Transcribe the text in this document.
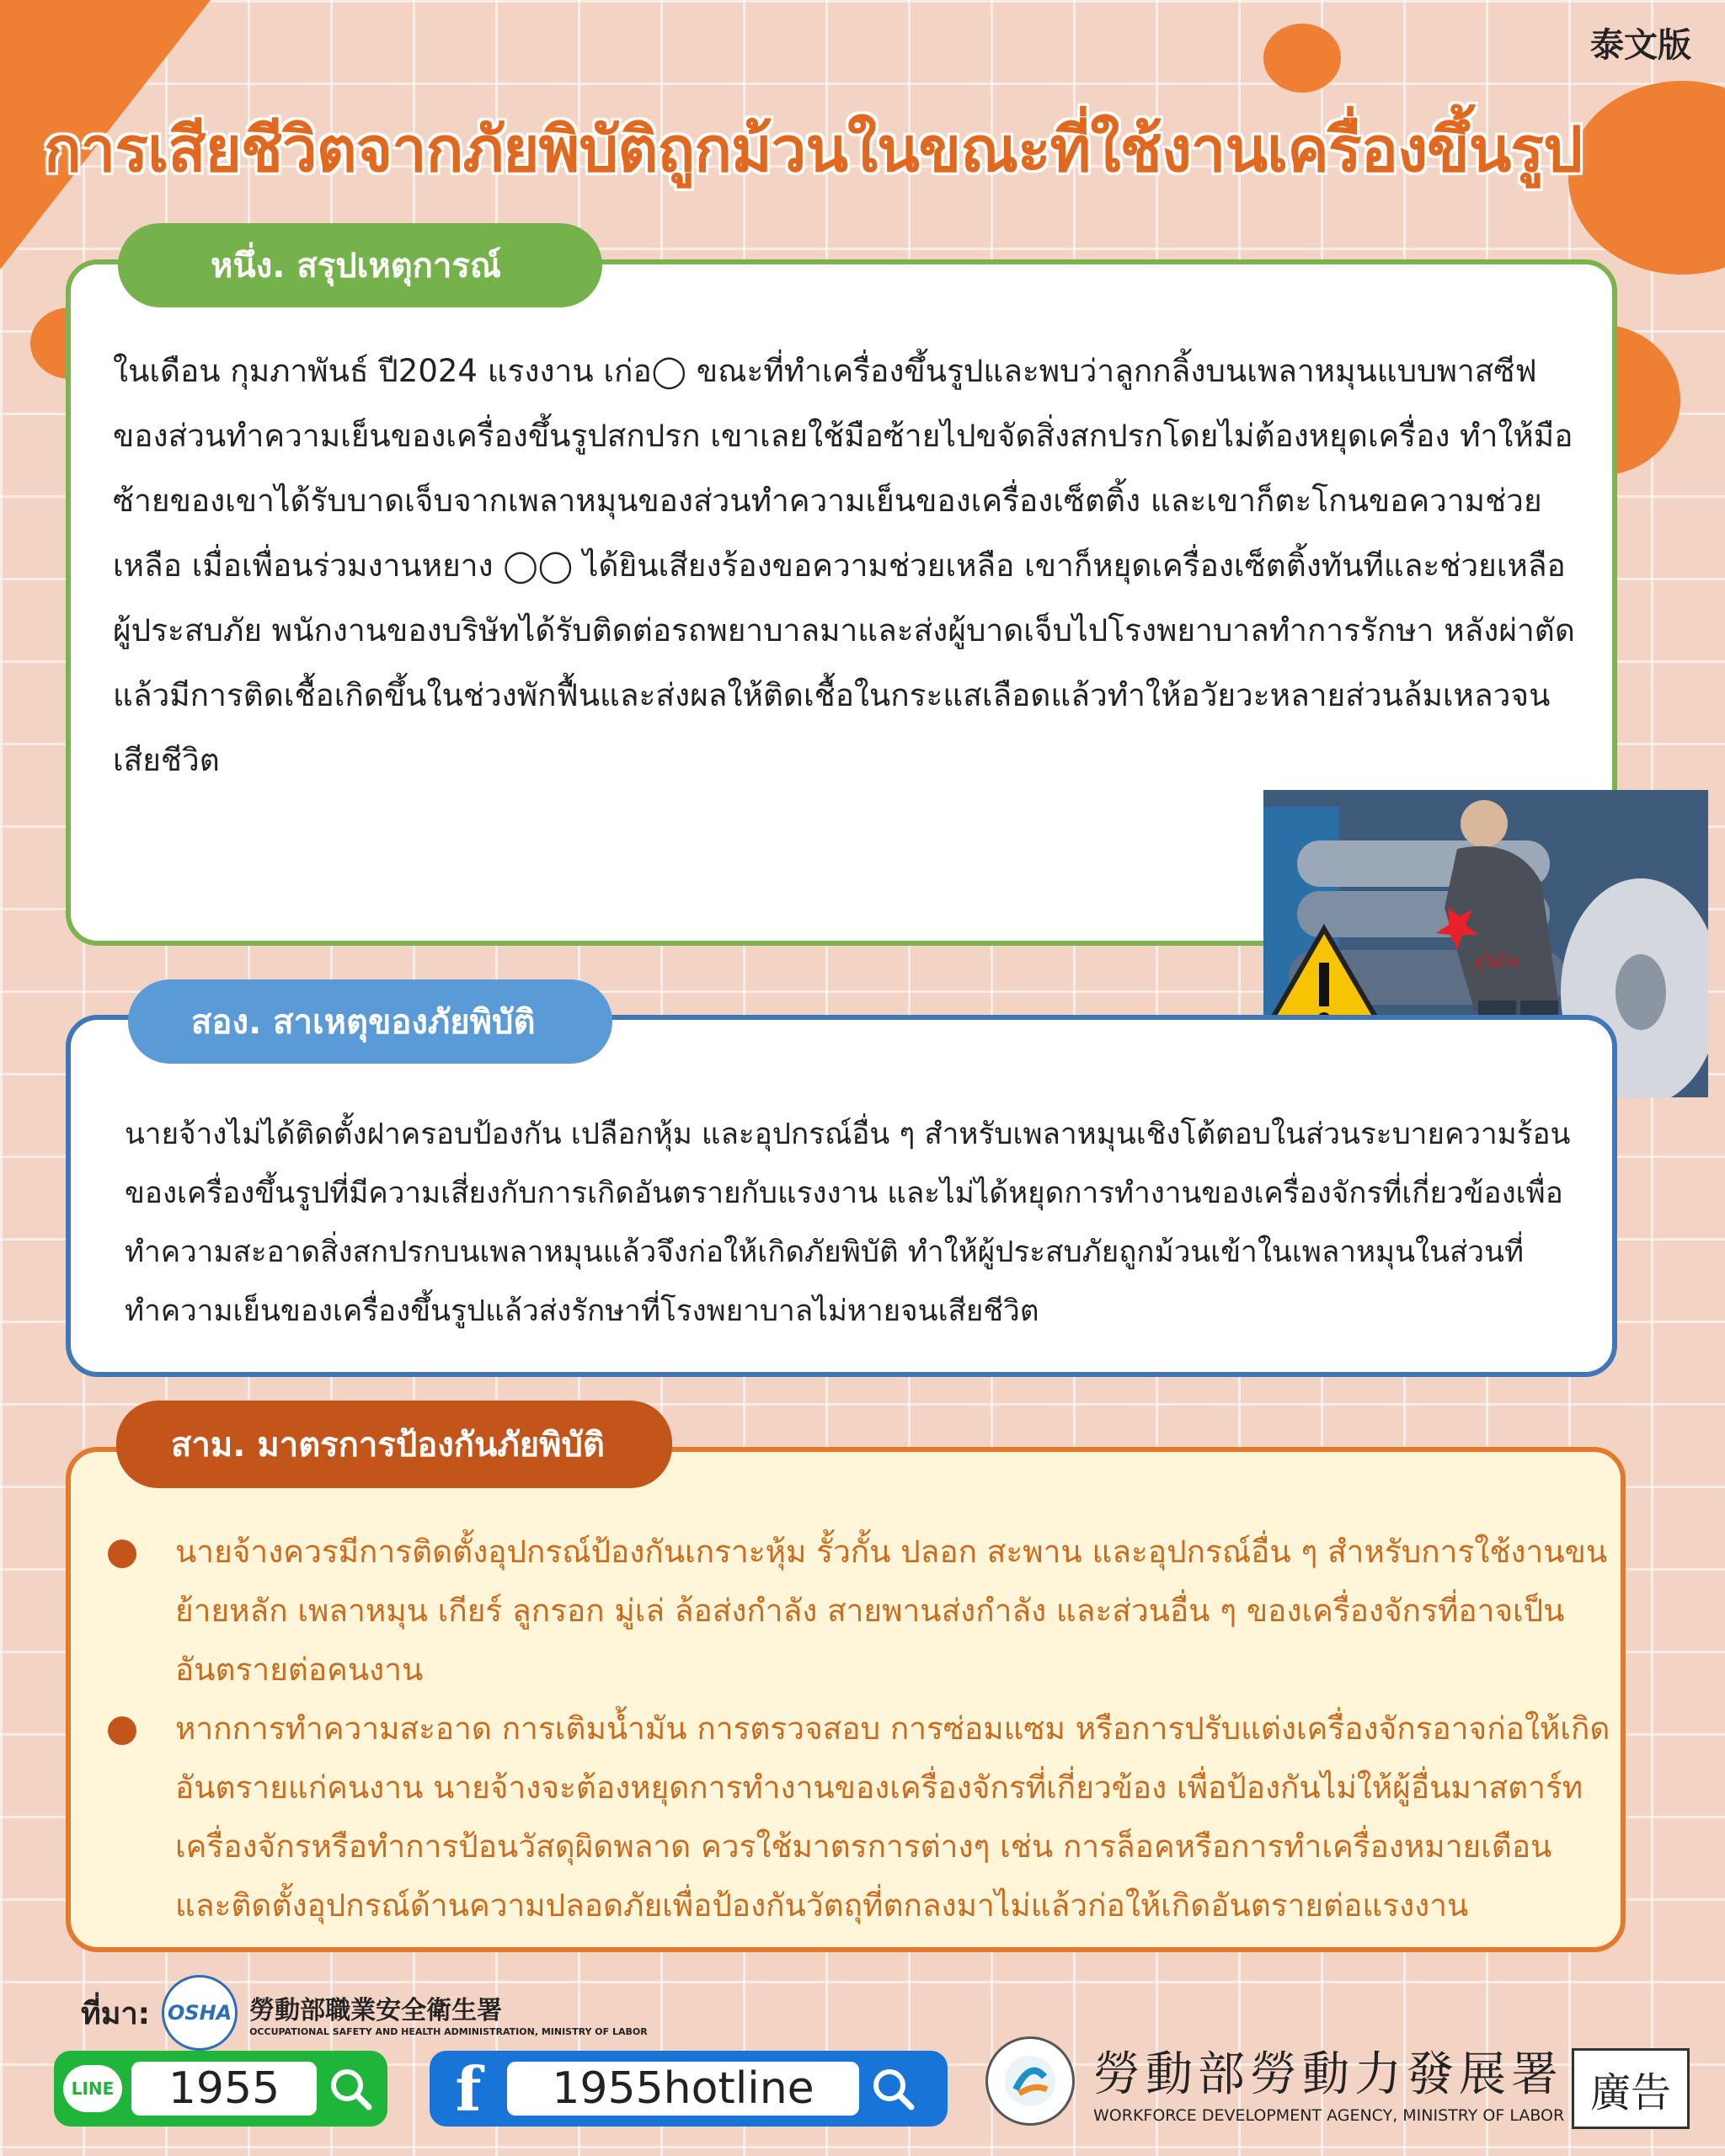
泰文版
การเสียชีวิตจากภัยพิบัติถูกม้วนในขณะที่ใช้งานเครื่องขึ้นรูป
หนึ่ง. สรุปเหตุการณ์
ในเดือน กุมภาพันธ์ ปี2024 แรงงาน เก่อ◯ ขณะที่ทำเครื่องขึ้นรูปและพบว่าลูกกลิ้งบนเพลาหมุนแบบพาสซีฟของส่วนทำความเย็นของเครื่องขึ้นรูปสกปรก เขาเลยใช้มือซ้ายไปขจัดสิ่งสกปรกโดยไม่ต้องหยุดเครื่อง ทำให้มือซ้ายของเขาได้รับบาดเจ็บจากเพลาหมุนของส่วนทำความเย็นของเครื่องเซ็ตติ้ง และเขาก็ตะโกนขอความช่วยเหลือ เมื่อเพื่อนร่วมงานหยาง ◯◯ ได้ยินเสียงร้องขอความช่วยเหลือ เขาก็หยุดเครื่องเซ็ตติ้งทันทีและช่วยเหลือผู้ประสบภัย พนักงานของบริษัทได้รับติดต่อรถพยาบาลมาและส่งผู้บาดเจ็บไปโรงพยาบาลทำการรักษา หลังผ่าตัดแล้วมีการติดเชื้อเกิดขึ้นในช่วงพักฟื้นและส่งผลให้ติดเชื้อในกระแสเลือดแล้วทำให้อวัยวะหลายส่วนล้มเหลวจนเสียชีวิต
ดูไม่ไซ
สอง. สาเหตุของภัยพิบัติ
นายจ้างไม่ได้ติดตั้งฝาครอบป้องกัน เปลือกหุ้ม และอุปกรณ์อื่น ๆ สำหรับเพลาหมุนเชิงโต้ตอบในส่วนระบายความร้อนของเครื่องขึ้นรูปที่มีความเสี่ยงกับการเกิดอันตรายกับแรงงาน และไม่ได้หยุดการทำงานของเครื่องจักรที่เกี่ยวข้องเพื่อทำความสะอาดสิ่งสกปรกบนเพลาหมุนแล้วจึงก่อให้เกิดภัยพิบัติ ทำให้ผู้ประสบภัยถูกม้วนเข้าในเพลาหมุนในส่วนที่ทำความเย็นของเครื่องขึ้นรูปแล้วส่งรักษาที่โรงพยาบาลไม่หายจนเสียชีวิต
สาม. มาตรการป้องกันภัยพิบัติ
นายจ้างควรมีการติดตั้งอุปกรณ์ป้องกันเกราะหุ้ม รั้วกั้น ปลอก สะพาน และอุปกรณ์อื่น ๆ สำหรับการใช้งานขนย้ายหลัก เพลาหมุน เกียร์ ลูกรอก มู่เล่ ล้อส่งกำลัง สายพานส่งกำลัง และส่วนอื่น ๆ ของเครื่องจักรที่อาจเป็นอันตรายต่อคนงาน
หากการทำความสะอาด การเติมน้ำมัน การตรวจสอบ การซ่อมแซม หรือการปรับแต่งเครื่องจักรอาจก่อให้เกิดอันตรายแก่คนงาน นายจ้างจะต้องหยุดการทำงานของเครื่องจักรที่เกี่ยวข้อง เพื่อป้องกันไม่ให้ผู้อื่นมาสตาร์ทเครื่องจักรหรือทำการป้อนวัสดุผิดพลาด ควรใช้มาตรการต่างๆ เช่น การล็อคหรือการทำเครื่องหมายเตือน และติดตั้งอุปกรณ์ด้านความปลอดภัยเพื่อป้องกันวัตถุที่ตกลงมาไม่แล้วก่อให้เกิดอันตรายต่อแรงงาน
ที่มา: OSHA 勞動部職業安全衛生署
OCCUPATIONAL SAFETY AND HEALTH ADMINISTRATION, MINISTRY OF LABOR
LINE	1955	f	1955hotline	勞動部勞動力發展署
WORKFORCE DEVELOPMENT AGENCY, MINISTRY OF LABOR 廣告
